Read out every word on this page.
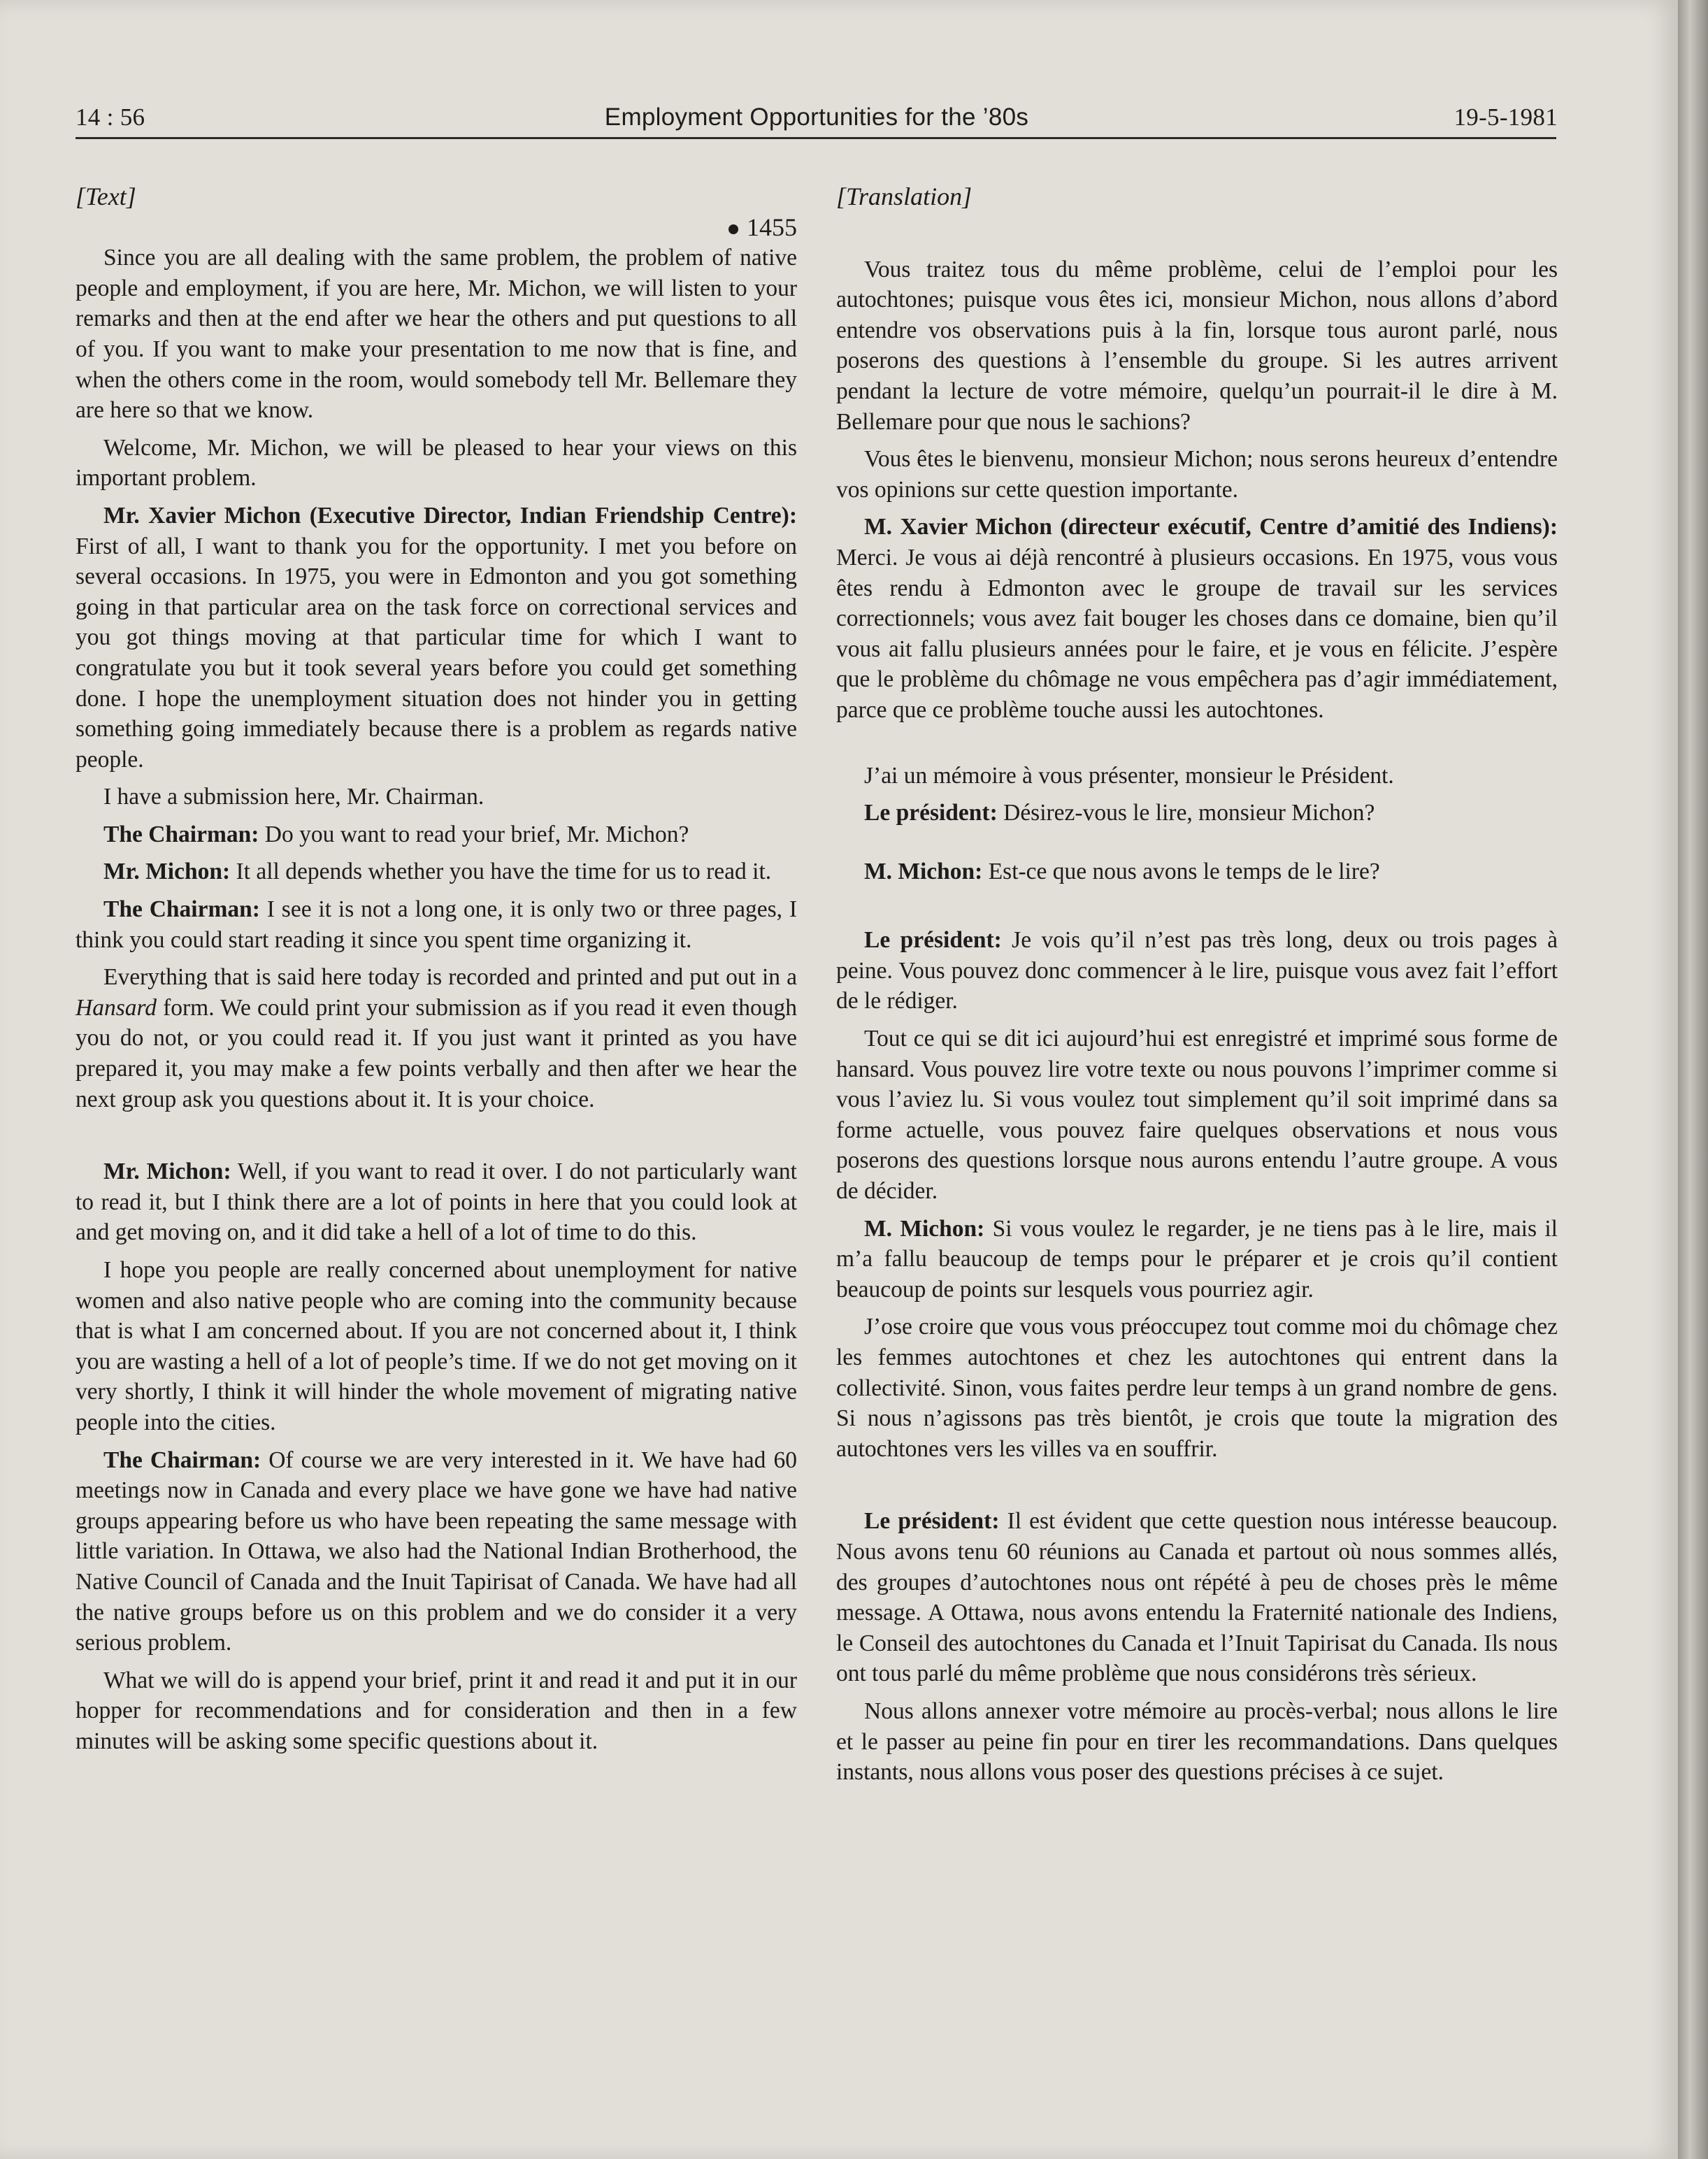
14 : 56	Employment Opportunities for the ’80s	19-5-1981

[Text]

1455

Since you are all dealing with the same problem, the problem of native people and employment, if you are here, Mr. Michon, we will listen to your remarks and then at the end after we hear the others and put questions to all of you. If you want to make your presentation to me now that is fine, and when the others come in the room, would somebody tell Mr. Bellemare they are here so that we know.

Welcome, Mr. Michon, we will be pleased to hear your views on this important problem.

Mr. Xavier Michon (Executive Director, Indian Friendship Centre): First of all, I want to thank you for the opportunity. I met you before on several occasions. In 1975, you were in Edmonton and you got something going in that particular area on the task force on correctional services and you got things moving at that particular time for which I want to congratulate you but it took several years before you could get something done. I hope the unemployment situation does not hinder you in getting something going immediately because there is a problem as regards native people.

I have a submission here, Mr. Chairman.

The Chairman: Do you want to read your brief, Mr. Michon?

Mr. Michon: It all depends whether you have the time for us to read it.

The Chairman: I see it is not a long one, it is only two or three pages, I think you could start reading it since you spent time organizing it.

Everything that is said here today is recorded and printed and put out in a Hansard form. We could print your submission as if you read it even though you do not, or you could read it. If you just want it printed as you have prepared it, you may make a few points verbally and then after we hear the next group ask you questions about it. It is your choice.

Mr. Michon: Well, if you want to read it over. I do not particularly want to read it, but I think there are a lot of points in here that you could look at and get moving on, and it did take a hell of a lot of time to do this.

I hope you people are really concerned about unemployment for native women and also native people who are coming into the community because that is what I am concerned about. If you are not concerned about it, I think you are wasting a hell of a lot of people’s time. If we do not get moving on it very shortly, I think it will hinder the whole movement of migrating native people into the cities.

The Chairman: Of course we are very interested in it. We have had 60 meetings now in Canada and every place we have gone we have had native groups appearing before us who have been repeating the same message with little variation. In Ottawa, we also had the National Indian Brotherhood, the Native Council of Canada and the Inuit Tapirisat of Canada. We have had all the native groups before us on this problem and we do consider it a very serious problem.

What we will do is append your brief, print it and read it and put it in our hopper for recommendations and for consideration and then in a few minutes will be asking some specific questions about it.

[Translation]

Vous traitez tous du même problème, celui de l’emploi pour les autochtones; puisque vous êtes ici, monsieur Michon, nous allons d’abord entendre vos observations puis à la fin, lorsque tous auront parlé, nous poserons des questions à l’ensemble du groupe. Si les autres arrivent pendant la lecture de votre mémoire, quelqu’un pourrait-il le dire à M. Bellemare pour que nous le sachions?

Vous êtes le bienvenu, monsieur Michon; nous serons heureux d’entendre vos opinions sur cette question importante.

M. Xavier Michon (directeur exécutif, Centre d’amitié des Indiens): Merci. Je vous ai déjà rencontré à plusieurs occasions. En 1975, vous vous êtes rendu à Edmonton avec le groupe de travail sur les services correctionnels; vous avez fait bouger les choses dans ce domaine, bien qu’il vous ait fallu plusieurs années pour le faire, et je vous en félicite. J’espère que le problème du chômage ne vous empêchera pas d’agir immédiatement, parce que ce problème touche aussi les autochtones.

J’ai un mémoire à vous présenter, monsieur le Président.

Le président: Désirez-vous le lire, monsieur Michon?

M. Michon: Est-ce que nous avons le temps de le lire?

Le président: Je vois qu’il n’est pas très long, deux ou trois pages à peine. Vous pouvez donc commencer à le lire, puisque vous avez fait l’effort de le rédiger.

Tout ce qui se dit ici aujourd’hui est enregistré et imprimé sous forme de hansard. Vous pouvez lire votre texte ou nous pouvons l’imprimer comme si vous l’aviez lu. Si vous voulez tout simplement qu’il soit imprimé dans sa forme actuelle, vous pouvez faire quelques observations et nous vous poserons des questions lorsque nous aurons entendu l’autre groupe. A vous de décider.

M. Michon: Si vous voulez le regarder, je ne tiens pas à le lire, mais il m’a fallu beaucoup de temps pour le préparer et je crois qu’il contient beaucoup de points sur lesquels vous pourriez agir.

J’ose croire que vous vous préoccupez tout comme moi du chômage chez les femmes autochtones et chez les autochtones qui entrent dans la collectivité. Sinon, vous faites perdre leur temps à un grand nombre de gens. Si nous n’agissons pas très bientôt, je crois que toute la migration des autochtones vers les villes va en souffrir.

Le président: Il est évident que cette question nous intéresse beaucoup. Nous avons tenu 60 réunions au Canada et partout où nous sommes allés, des groupes d’autochtones nous ont répété à peu de choses près le même message. A Ottawa, nous avons entendu la Fraternité nationale des Indiens, le Conseil des autochtones du Canada et l’Inuit Tapirisat du Canada. Ils nous ont tous parlé du même problème que nous considérons très sérieux.

Nous allons annexer votre mémoire au procès-verbal; nous allons le lire et le passer au peine fin pour en tirer les recommandations. Dans quelques instants, nous allons vous poser des questions précises à ce sujet.
